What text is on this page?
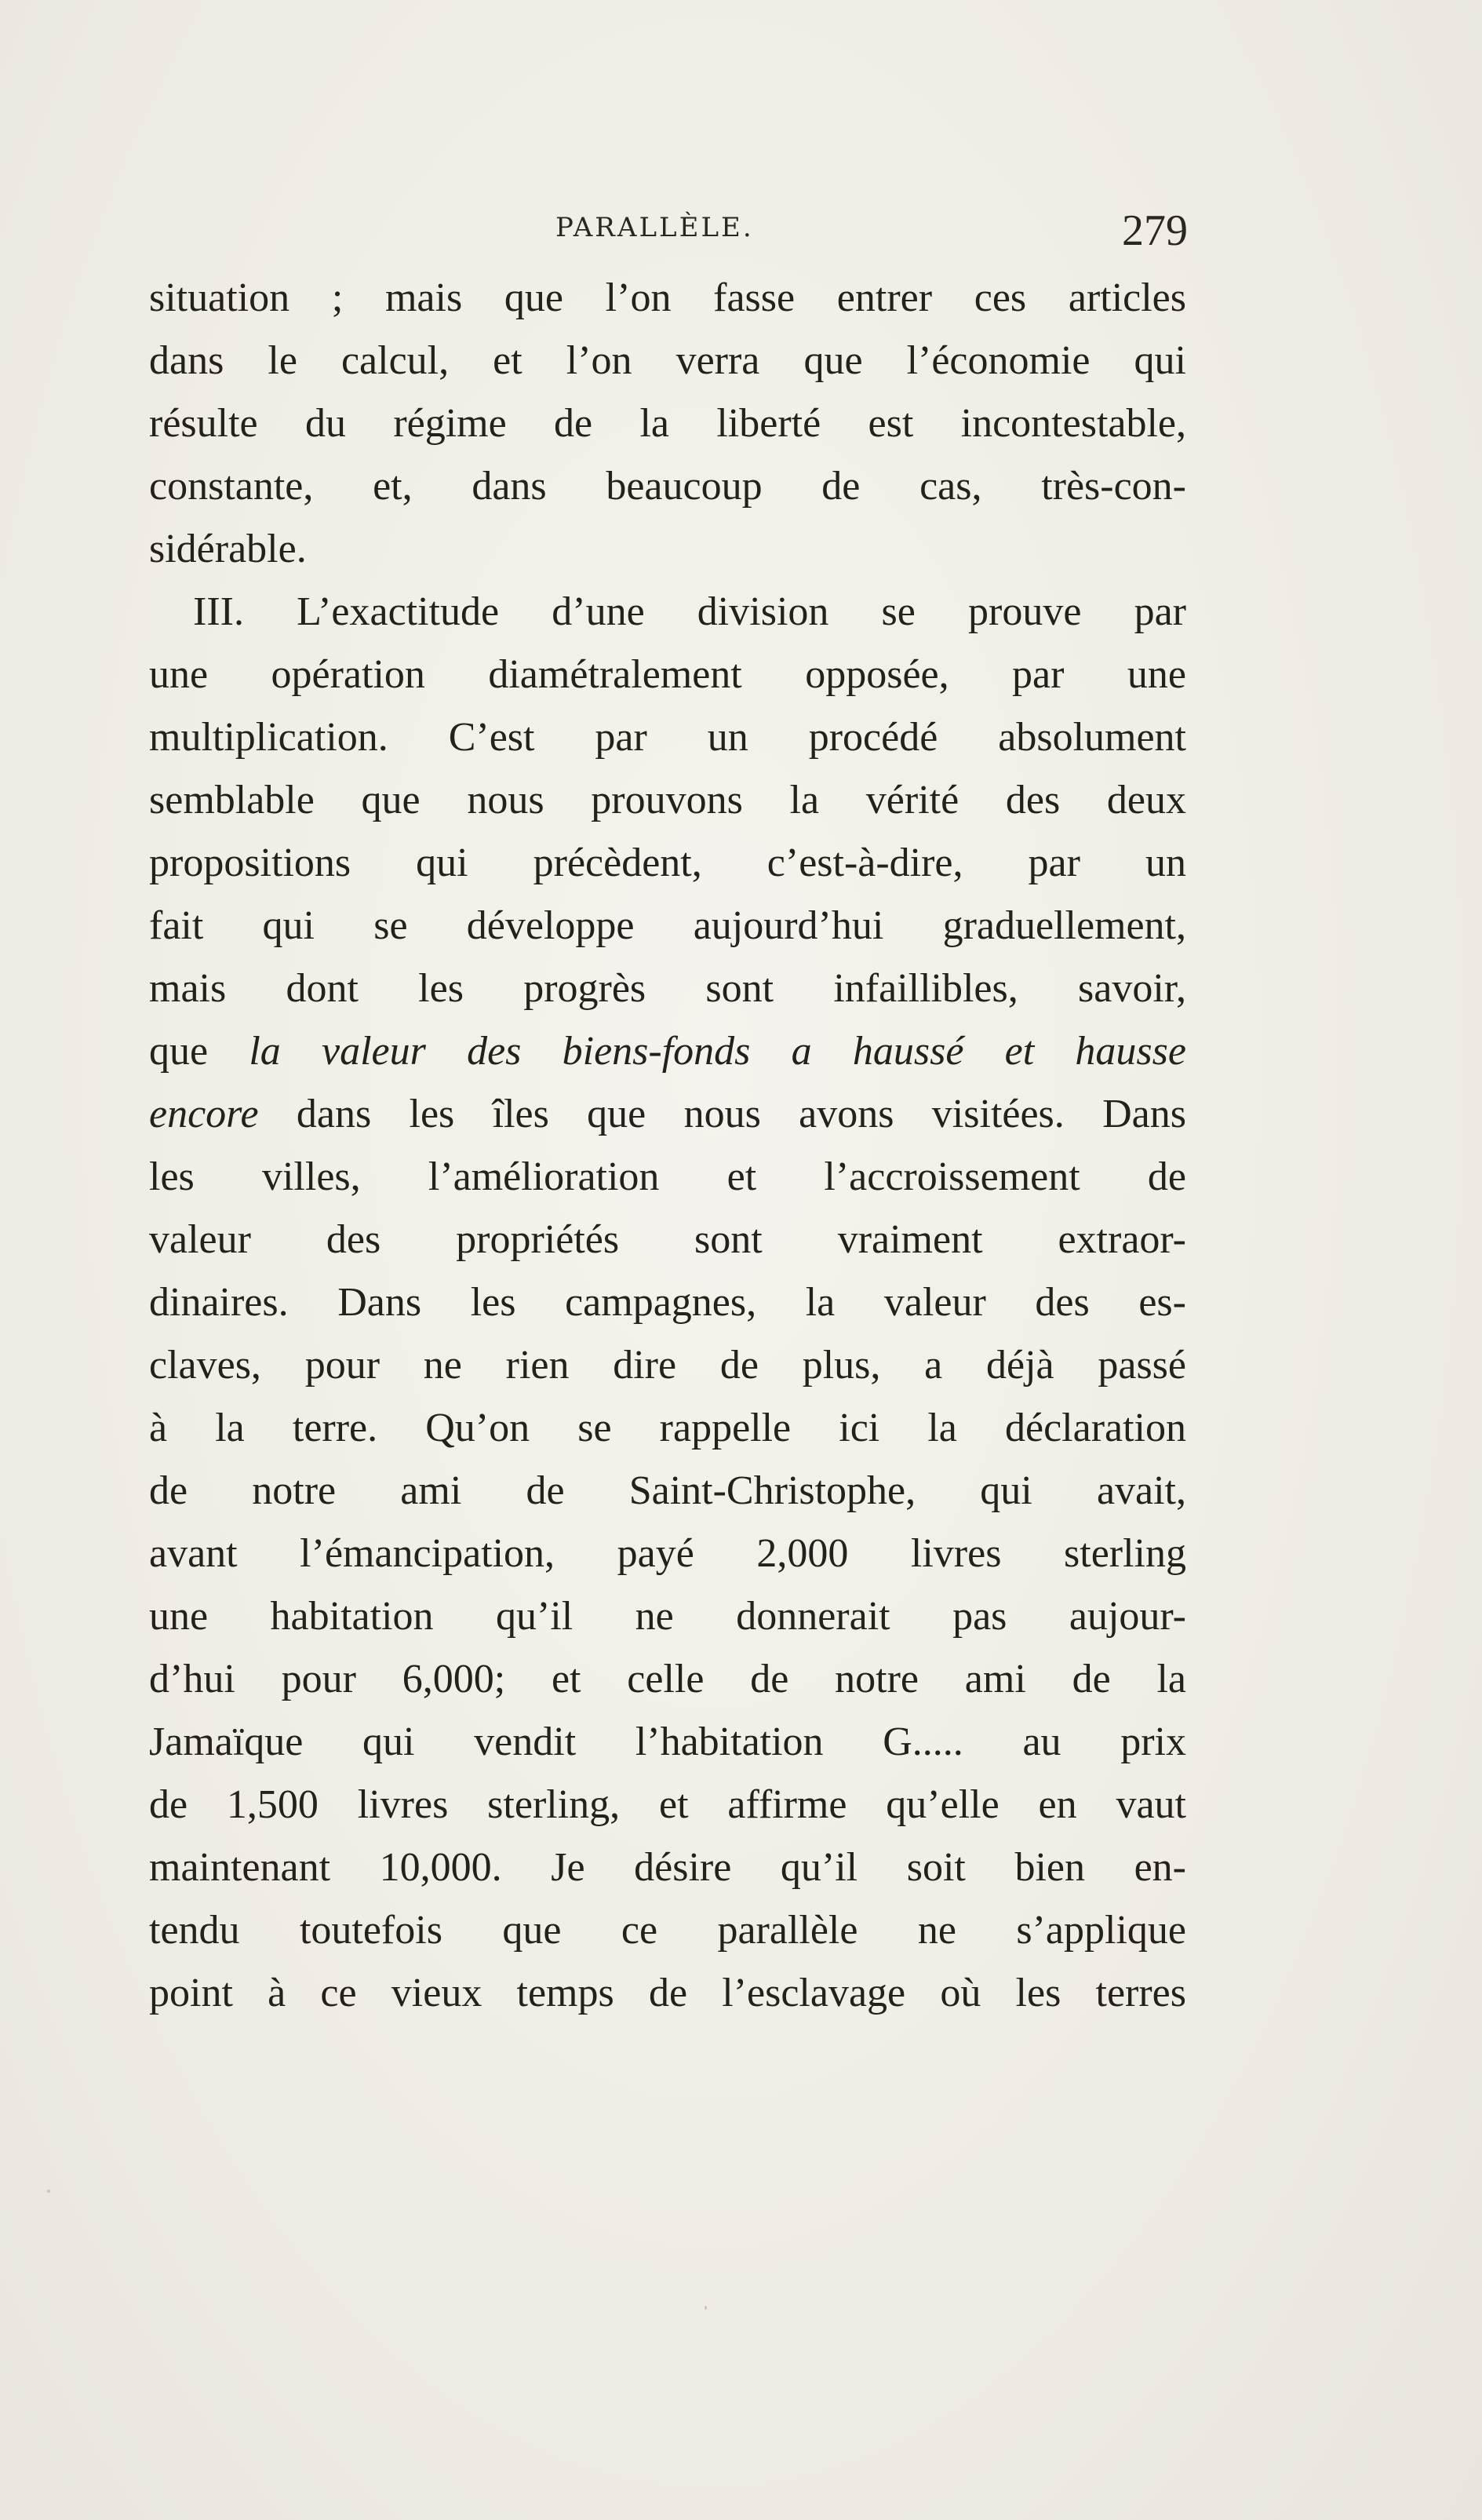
PARALLÈLE.	279
situation ; mais que l’on fasse entrer ces articles
dans le calcul, et l’on verra que l’économie qui
résulte du régime de la liberté est incontestable,
constante, et, dans beaucoup de cas, très-con-
sidérable.
III. L’exactitude d’une division se prouve par
une opération diamétralement opposée, par une
multiplication. C’est par un procédé absolument
semblable que nous prouvons la vérité des deux
propositions qui précèdent, c’est-à-dire, par un
fait qui se développe aujourd’hui graduellement,
mais dont les progrès sont infaillibles, savoir,
que la valeur des biens-fonds a haussé et hausse
encore dans les îles que nous avons visitées. Dans
les villes, l’amélioration et l’accroissement de
valeur des propriétés sont vraiment extraor-
dinaires. Dans les campagnes, la valeur des es-
claves, pour ne rien dire de plus, a déjà passé
à la terre. Qu’on se rappelle ici la déclaration
de notre ami de Saint-Christophe, qui avait,
avant l’émancipation, payé 2,000 livres sterling
une habitation qu’il ne donnerait pas aujour-
d’hui pour 6,000; et celle de notre ami de la
Jamaïque qui vendit l’habitation G..... au prix
de 1,500 livres sterling, et affirme qu’elle en vaut
maintenant 10,000. Je désire qu’il soit bien en-
tendu toutefois que ce parallèle ne s’applique
point à ce vieux temps de l’esclavage où les terres
